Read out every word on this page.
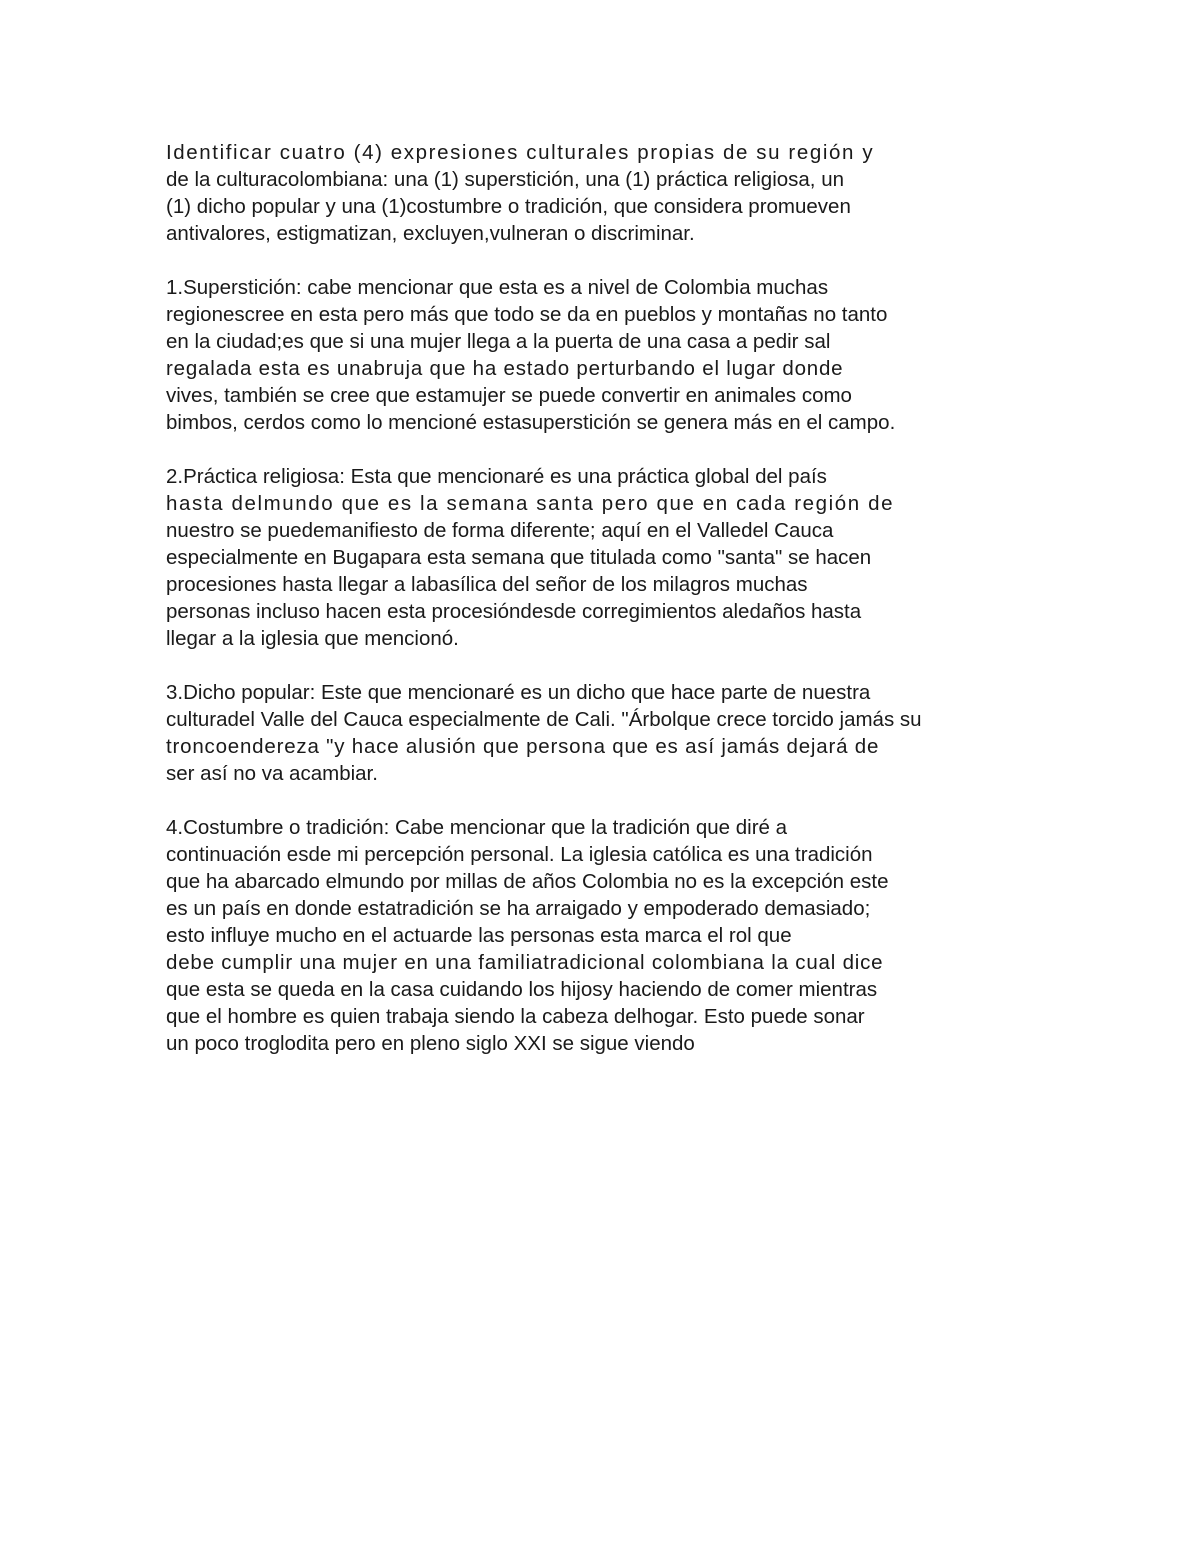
Identificar cuatro (4) expresiones culturales propias de su región y
de la culturacolombiana: una (1) superstición, una (1) práctica religiosa, un
(1) dicho popular y una (1)costumbre o tradición, que considera promueven
antivalores, estigmatizan, excluyen,vulneran o discriminar.
1.Superstición: cabe mencionar que esta es a nivel de Colombia muchas
regionescree en esta pero más que todo se da en pueblos y montañas no tanto
en la ciudad;es que si una mujer llega a la puerta de una casa a pedir sal
regalada esta es unabruja que ha estado perturbando el lugar donde
vives, también se cree que estamujer se puede convertir en animales como
bimbos, cerdos como lo mencioné estasuperstición se genera más en el campo.
2.Práctica religiosa: Esta que mencionaré es una práctica global del país
hasta delmundo que es la semana santa pero que en cada región de
nuestro se puedemanifiesto de forma diferente; aquí en el Valledel Cauca
especialmente en Bugapara esta semana que titulada como "santa" se hacen
procesiones hasta llegar a labasílica del señor de los milagros muchas
personas incluso hacen esta procesióndesde corregimientos aledaños hasta
llegar a la iglesia que mencionó.
3.Dicho popular: Este que mencionaré es un dicho que hace parte de nuestra
culturadel Valle del Cauca especialmente de Cali. "Árbolque crece torcido jamás su
troncoendereza "y hace alusión que persona que es así jamás dejará de
ser así no va acambiar.
4.Costumbre o tradición: Cabe mencionar que la tradición que diré a
continuación esde mi percepción personal. La iglesia católica es una tradición
que ha abarcado elmundo por millas de años Colombia no es la excepción este
es un país en donde estatradición se ha arraigado y empoderado demasiado;
esto influye mucho en el actuarde las personas esta marca el rol que
debe cumplir una mujer en una familiatradicional colombiana la cual dice
que esta se queda en la casa cuidando los hijosy haciendo de comer mientras
que el hombre es quien trabaja siendo la cabeza delhogar. Esto puede sonar
un poco troglodita pero en pleno siglo XXI se sigue viendo
